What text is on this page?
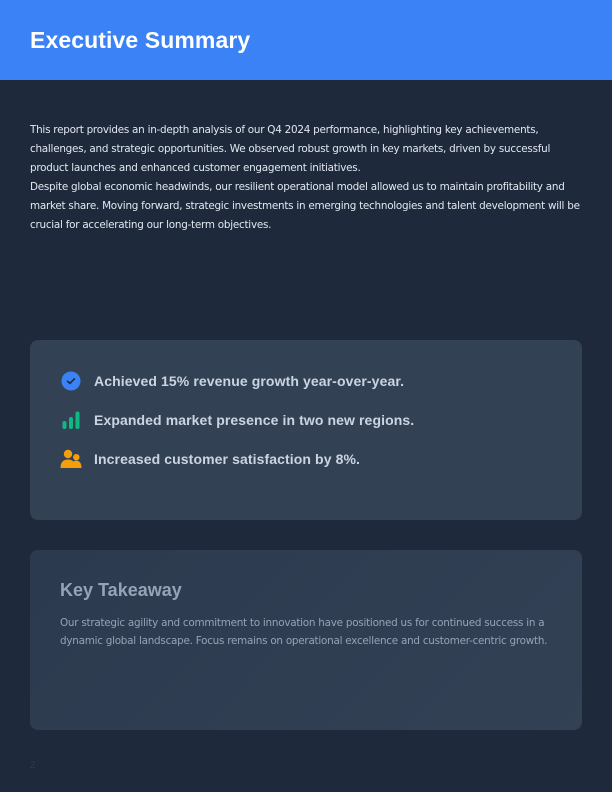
Executive Summary

This report provides an in-depth analysis of our Q4 2024 performance, highlighting key achievements, challenges, and strategic opportunities. We observed robust growth in key markets, driven by successful product launches and enhanced customer engagement initiatives.

Despite global economic headwinds, our resilient operational model allowed us to maintain profitability and market share. Moving forward, strategic investments in emerging technologies and talent development will be crucial for accelerating our long-term objectives.

Achieved 15% revenue growth year-over-year.
Expanded market presence in two new regions.
Increased customer satisfaction by 8%.
Key Takeaway

Our strategic agility and commitment to innovation have positioned us for continued success in a dynamic global landscape. Focus remains on operational excellence and customer-centric growth.

2
